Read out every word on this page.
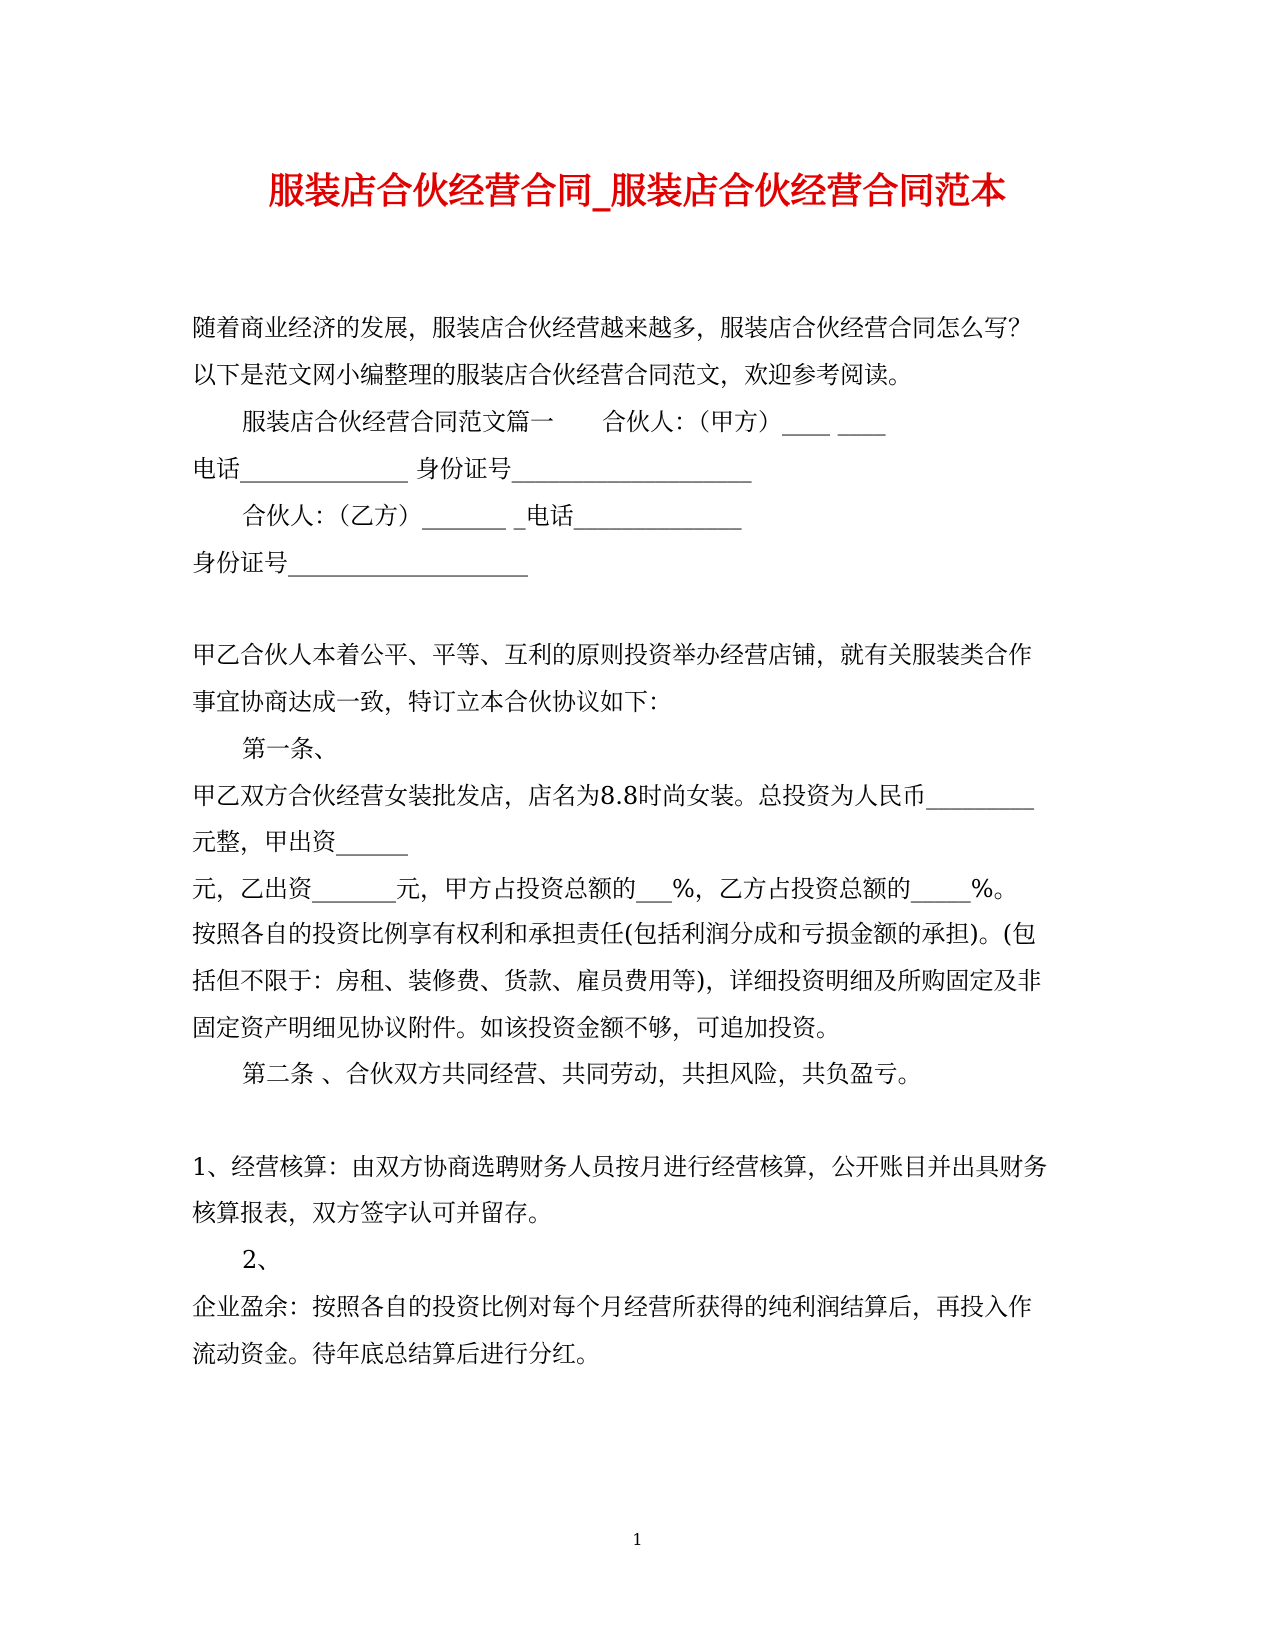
服装店合伙经营合同_服装店合伙经营合同范本
随着商业经济的发展，服装店合伙经营越来越多，服装店合伙经营合同怎么写？
以下是范文网小编整理的服装店合伙经营合同范文，欢迎参考阅读。
服装店合伙经营合同范文篇一　　合伙人：（甲方）____ ____
电话______________ 身份证号____________________
合伙人：（乙方）_______ _电话______________
身份证号____________________
甲乙合伙人本着公平、平等、互利的原则投资举办经营店铺，就有关服装类合作
事宜协商达成一致，特订立本合伙协议如下：
第一条、
甲乙双方合伙经营女装批发店，店名为8.8时尚女装。总投资为人民币_________
元整，甲出资______
元，乙出资_______元，甲方占投资总额的___%，乙方占投资总额的_____%。
按照各自的投资比例享有权利和承担责任(包括利润分成和亏损金额的承担)。(包
括但不限于：房租、装修费、货款、雇员费用等)，详细投资明细及所购固定及非
固定资产明细见协议附件。如该投资金额不够，可追加投资。
第二条 、合伙双方共同经营、共同劳动，共担风险，共负盈亏。
1、经营核算：由双方协商选聘财务人员按月进行经营核算，公开账目并出具财务
核算报表，双方签字认可并留存。
2、
企业盈余：按照各自的投资比例对每个月经营所获得的纯利润结算后，再投入作
流动资金。待年底总结算后进行分红。
1
